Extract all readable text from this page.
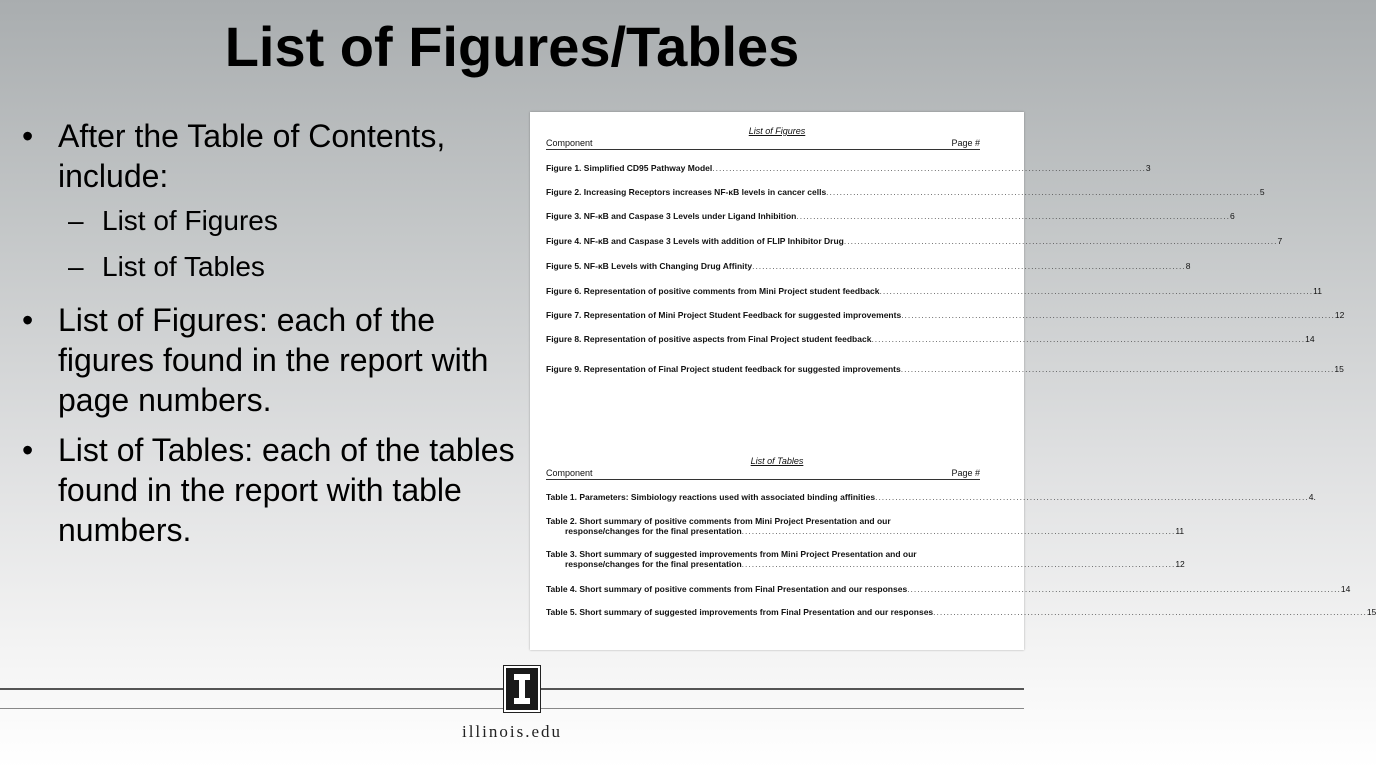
List of Figures/Tables
• After the Table of Contents, include:
– List of Figures
– List of Tables
• List of Figures: each of the figures found in the report with page numbers.
• List of Tables: each of the tables found in the report with table numbers.
List of Figures
Component	Page #
Figure 1. Simplified CD95 Pathway Model ................................................................................................................................. 3
Figure 2. Increasing Receptors increases NF-κB levels in cancer cells ................................................................................................................................. 5
Figure 3. NF-κB and Caspase 3 Levels under Ligand Inhibition ................................................................................................................................. 6
Figure 4. NF-κB and Caspase 3 Levels with addition of FLIP Inhibitor Drug ................................................................................................................................. 7
Figure 5. NF-κB Levels with Changing Drug Affinity ................................................................................................................................. 8
Figure 6. Representation of positive comments from Mini Project student feedback ................................................................................................................................. 11
Figure 7. Representation of Mini Project Student Feedback for suggested improvements ................................................................................................................................. 12
Figure 8. Representation of positive aspects from Final Project student feedback ................................................................................................................................. 14
Figure 9. Representation of Final Project student feedback for suggested improvements ................................................................................................................................. 15
List of Tables
Component	Page #
Table 1. Parameters: Simbiology reactions used with associated binding affinities ................................................................................................................................. 4.
Table 2. Short summary of positive comments from Mini Project Presentation and our
response/changes for the final presentation ................................................................................................................................. 11
Table 3. Short summary of suggested improvements from Mini Project Presentation and our
response/changes for the final presentation ................................................................................................................................. 12
Table 4. Short summary of positive comments from Final Presentation and our responses ................................................................................................................................. 14
Table 5. Short summary of suggested improvements from Final Presentation and our responses ................................................................................................................................. 15
illinois.edu
